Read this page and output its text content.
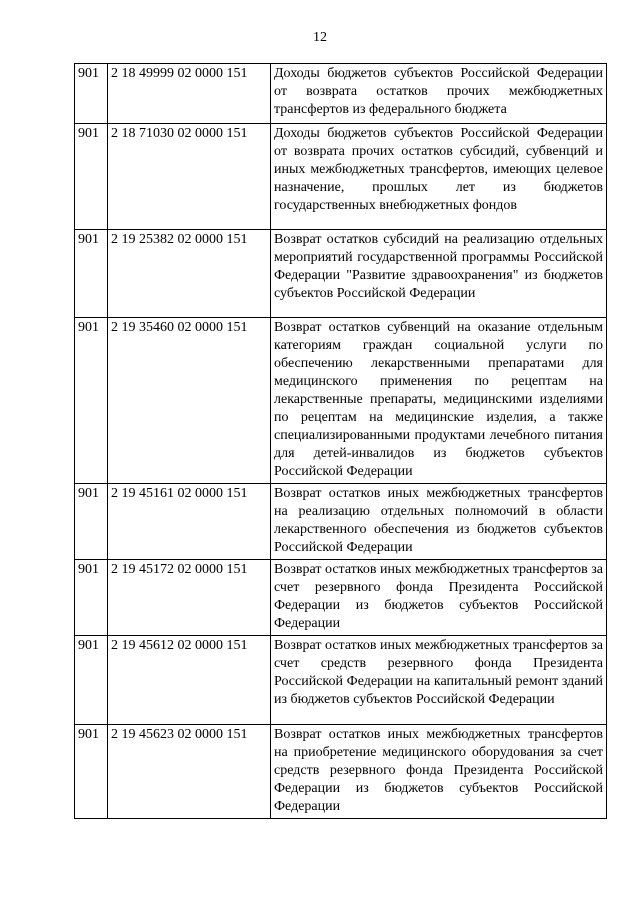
12
901	2 18 49999 02 0000 151	Доходы бюджетов субъектов Российской Федерации от возврата остатков прочих межбюджетных трансфертов из федерального бюджета
901	2 18 71030 02 0000 151	Доходы бюджетов субъектов Российской Федерации от возврата прочих остатков субсидий, субвенций и иных межбюджетных трансфертов, имеющих целевое назначение, прошлых лет из бюджетов государственных внебюджетных фондов
901	2 19 25382 02 0000 151	Возврат остатков субсидий на реализацию отдельных мероприятий государственной программы Российской Федерации "Развитие здравоохранения" из бюджетов субъектов Российской Федерации
901	2 19 35460 02 0000 151	Возврат остатков субвенций на оказание отдельным категориям граждан социальной услуги по обеспечению лекарственными препаратами для медицинского применения по рецептам на лекарственные препараты, медицинскими изделиями по рецептам на медицинские изделия, а также специализированными продуктами лечебного питания для детей-инвалидов из бюджетов субъектов Российской Федерации
901	2 19 45161 02 0000 151	Возврат остатков иных межбюджетных трансфертов на реализацию отдельных полномочий в области лекарственного обеспечения из бюджетов субъектов Российской Федерации
901	2 19 45172 02 0000 151	Возврат остатков иных межбюджетных трансфертов за счет резервного фонда Президента Российской Федерации из бюджетов субъектов Российской Федерации
901	2 19 45612 02 0000 151	Возврат остатков иных межбюджетных трансфертов за счет средств резервного фонда Президента Российской Федерации на капитальный ремонт зданий из бюджетов субъектов Российской Федерации
901	2 19 45623 02 0000 151	Возврат остатков иных межбюджетных трансфертов на приобретение медицинского оборудования за счет средств резервного фонда Президента Российской Федерации из бюджетов субъектов Российской Федерации
